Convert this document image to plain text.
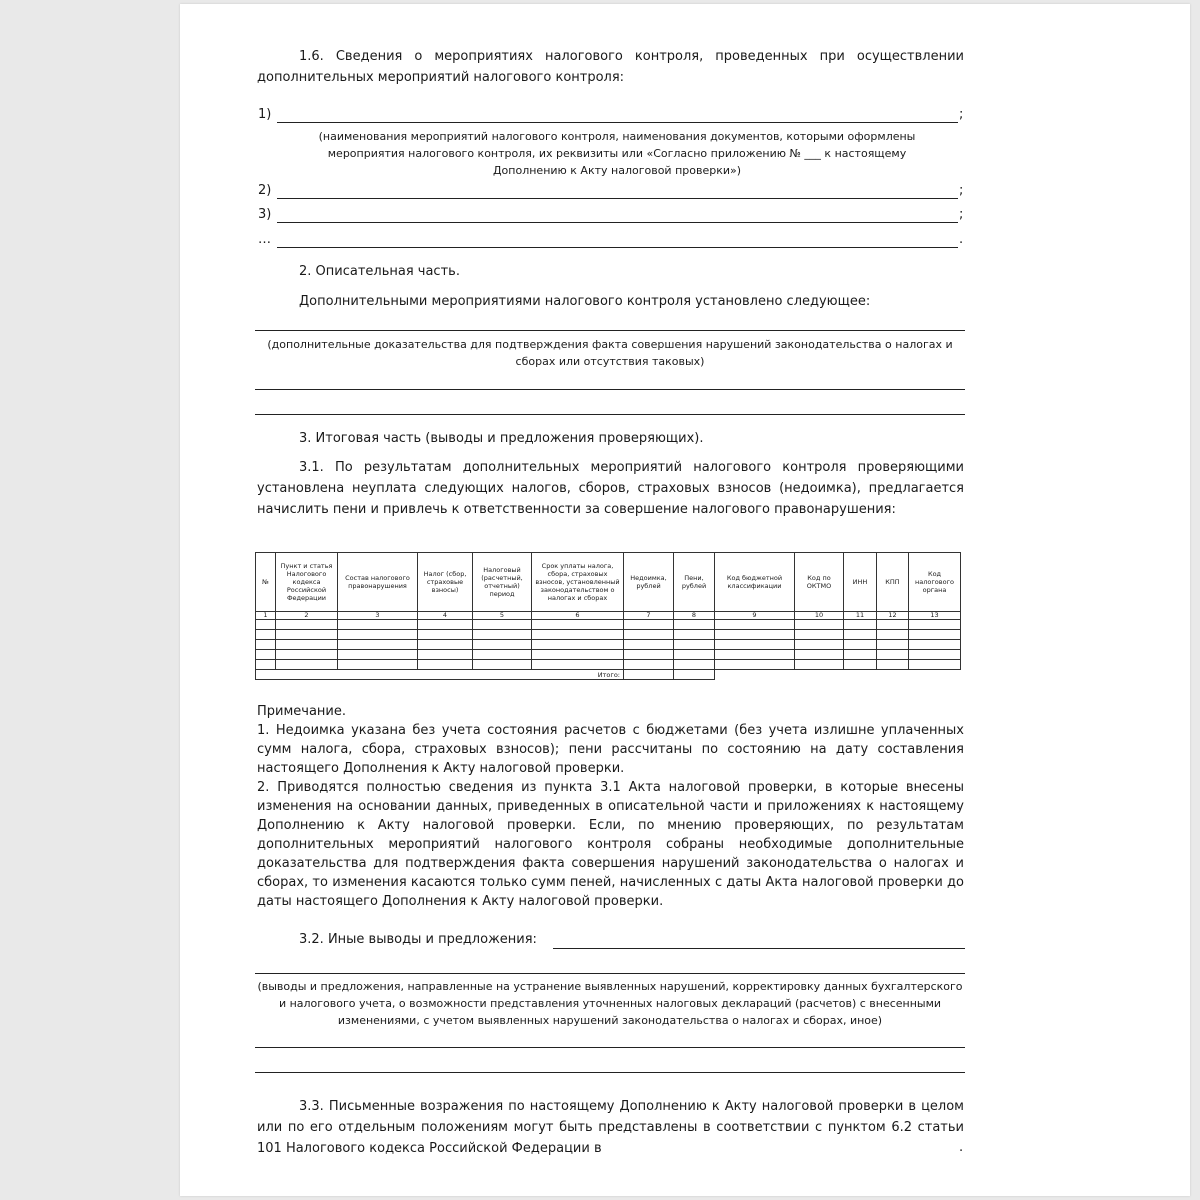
1.6. Сведения о мероприятиях налогового контроля, проведенных при осуществлении дополнительных мероприятий налогового контроля:
1)	;
(наименования мероприятий налогового контроля, наименования документов, которыми оформлены мероприятия налогового контроля, их реквизиты или «Согласно приложению № ___ к настоящему Дополнению к Акту налоговой проверки»)
2)	;
3)	;
…	.
2. Описательная часть.
Дополнительными мероприятиями налогового контроля установлено следующее:
(дополнительные доказательства для подтверждения факта совершения нарушений законодательства о налогах и сборах или отсутствия таковых)
3. Итоговая часть (выводы и предложения проверяющих).
3.1. По результатам дополнительных мероприятий налогового контроля проверяющими установлена неуплата следующих налогов, сборов, страховых взносов (недоимка), предлагается начислить пени и привлечь к ответственности за совершение налогового правонарушения:
№	Пункт и статья Налогового кодекса Российской Федерации	Состав налогового правонарушения	Налог (сбор, страховые взносы)	Налоговый (расчетный, отчетный) период	Срок уплаты налога, сбора, страховых взносов, установленный законодательством о налогах и сборах	Недоимка, рублей	Пени, рублей	Код бюджетной классификации	Код по ОКТМО	ИНН	КПП	Код налогового органа
1	2	3	4	5	6	7	8	9	10	11	12	13

Итого:												
Примечание.
1. Недоимка указана без учета состояния расчетов с бюджетами (без учета излишне уплаченных сумм налога, сбора, страховых взносов); пени рассчитаны по состоянию на дату составления настоящего Дополнения к Акту налоговой проверки.
2. Приводятся полностью сведения из пункта 3.1 Акта налоговой проверки, в которые внесены изменения на основании данных, приведенных в описательной части и приложениях к настоящему Дополнению к Акту налоговой проверки. Если, по мнению проверяющих, по результатам дополнительных мероприятий налогового контроля собраны необходимые дополнительные доказательства для подтверждения факта совершения нарушений законодательства о налогах и сборах, то изменения касаются только сумм пеней, начисленных с даты Акта налоговой проверки до даты настоящего Дополнения к Акту налоговой проверки.
3.2. Иные выводы и предложения:
(выводы и предложения, направленные на устранение выявленных нарушений, корректировку данных бухгалтерского и налогового учета, о возможности представления уточненных налоговых деклараций (расчетов) с внесенными изменениями, с учетом выявленных нарушений законодательства о налогах и сборах, иное)
3.3. Письменные возражения по настоящему Дополнению к Акту налоговой проверки в целом или по его отдельным положениям могут быть представлены в соответствии с пунктом 6.2 статьи 101 Налогового кодекса Российской Федерации в	.
